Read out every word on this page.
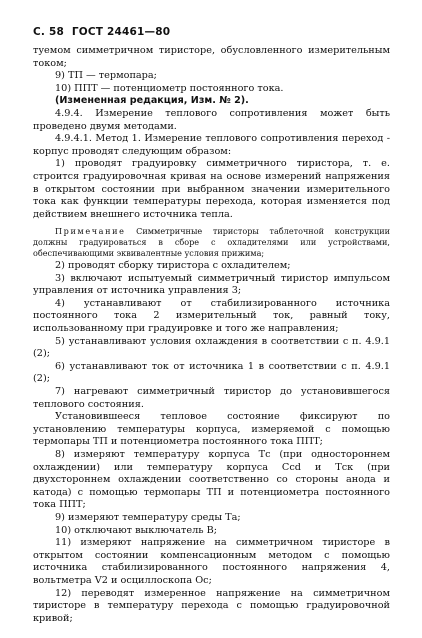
С. 58 ГОСТ 24461—80

туемом симметричном тиристоре, обусловленного измерительным током;

9) ТП — термопара;

10) ППТ — потенциометр постоянного тока.

(Измененная редакция, Изм. № 2).

4.9.4. Измерение теплового сопротивления может быть проведено двумя методами.

4.9.4.1. Метод 1. Измерение теплового сопротивления переход - корпус проводят следующим образом:

1) проводят градуировку симметричного тиристора, т. е. строится градуировочная кривая на основе измерений напряжения в открытом состоянии при выбранном значении измерительного тока как функции температуры перехода, которая изменяется под действием внешнего источника тепла.

Примечание Симметричные тиристоры таблеточной конструкции должны градуироваться в сборе с охладителями или устройствами, обеспечивающими эквивалентные условия прижима;

2) проводят сборку тиристора с охладителем;

3) включают испытуемый симметричный тиристор импульсом управления от источника управления 3;

4) устанавливают от стабилизированного источника постоянного тока 2 измерительный ток, равный току, использованному при градуировке и того же направления;

5) устанавливают условия охлаждения в соответствии с п. 4.9.1 (2);

6) устанавливают ток от источника 1 в соответствии с п. 4.9.1 (2);

7) нагревают симметричный тиристор до установившегося теплового состояния.

Установившееся тепловое состояние фиксируют по установлению температуры корпуса, измеряемой с помощью термопары ТП и потенциометра постоянного тока ППТ;

8) измеряют температуру корпуса Тс (при одностороннем охлаждении) или температуру корпуса Ссd и Тск (при двухстороннем охлаждении соответственно со стороны анода и катода) с помощью термопары ТП и потенциометра постоянного тока ППТ;

9) измеряют температуру среды Та;

10) отключают выключатель В;

11) измеряют напряжение на симметричном тиристоре в открытом состоянии компенсационным методом с помощью источника стабилизированного постоянного напряжения 4, вольтметра V2 и осциллоскопа Ос;

12) переводят измеренное напряжение на симметричном тиристоре в температуру перехода с помощью градуировочной кривой;
